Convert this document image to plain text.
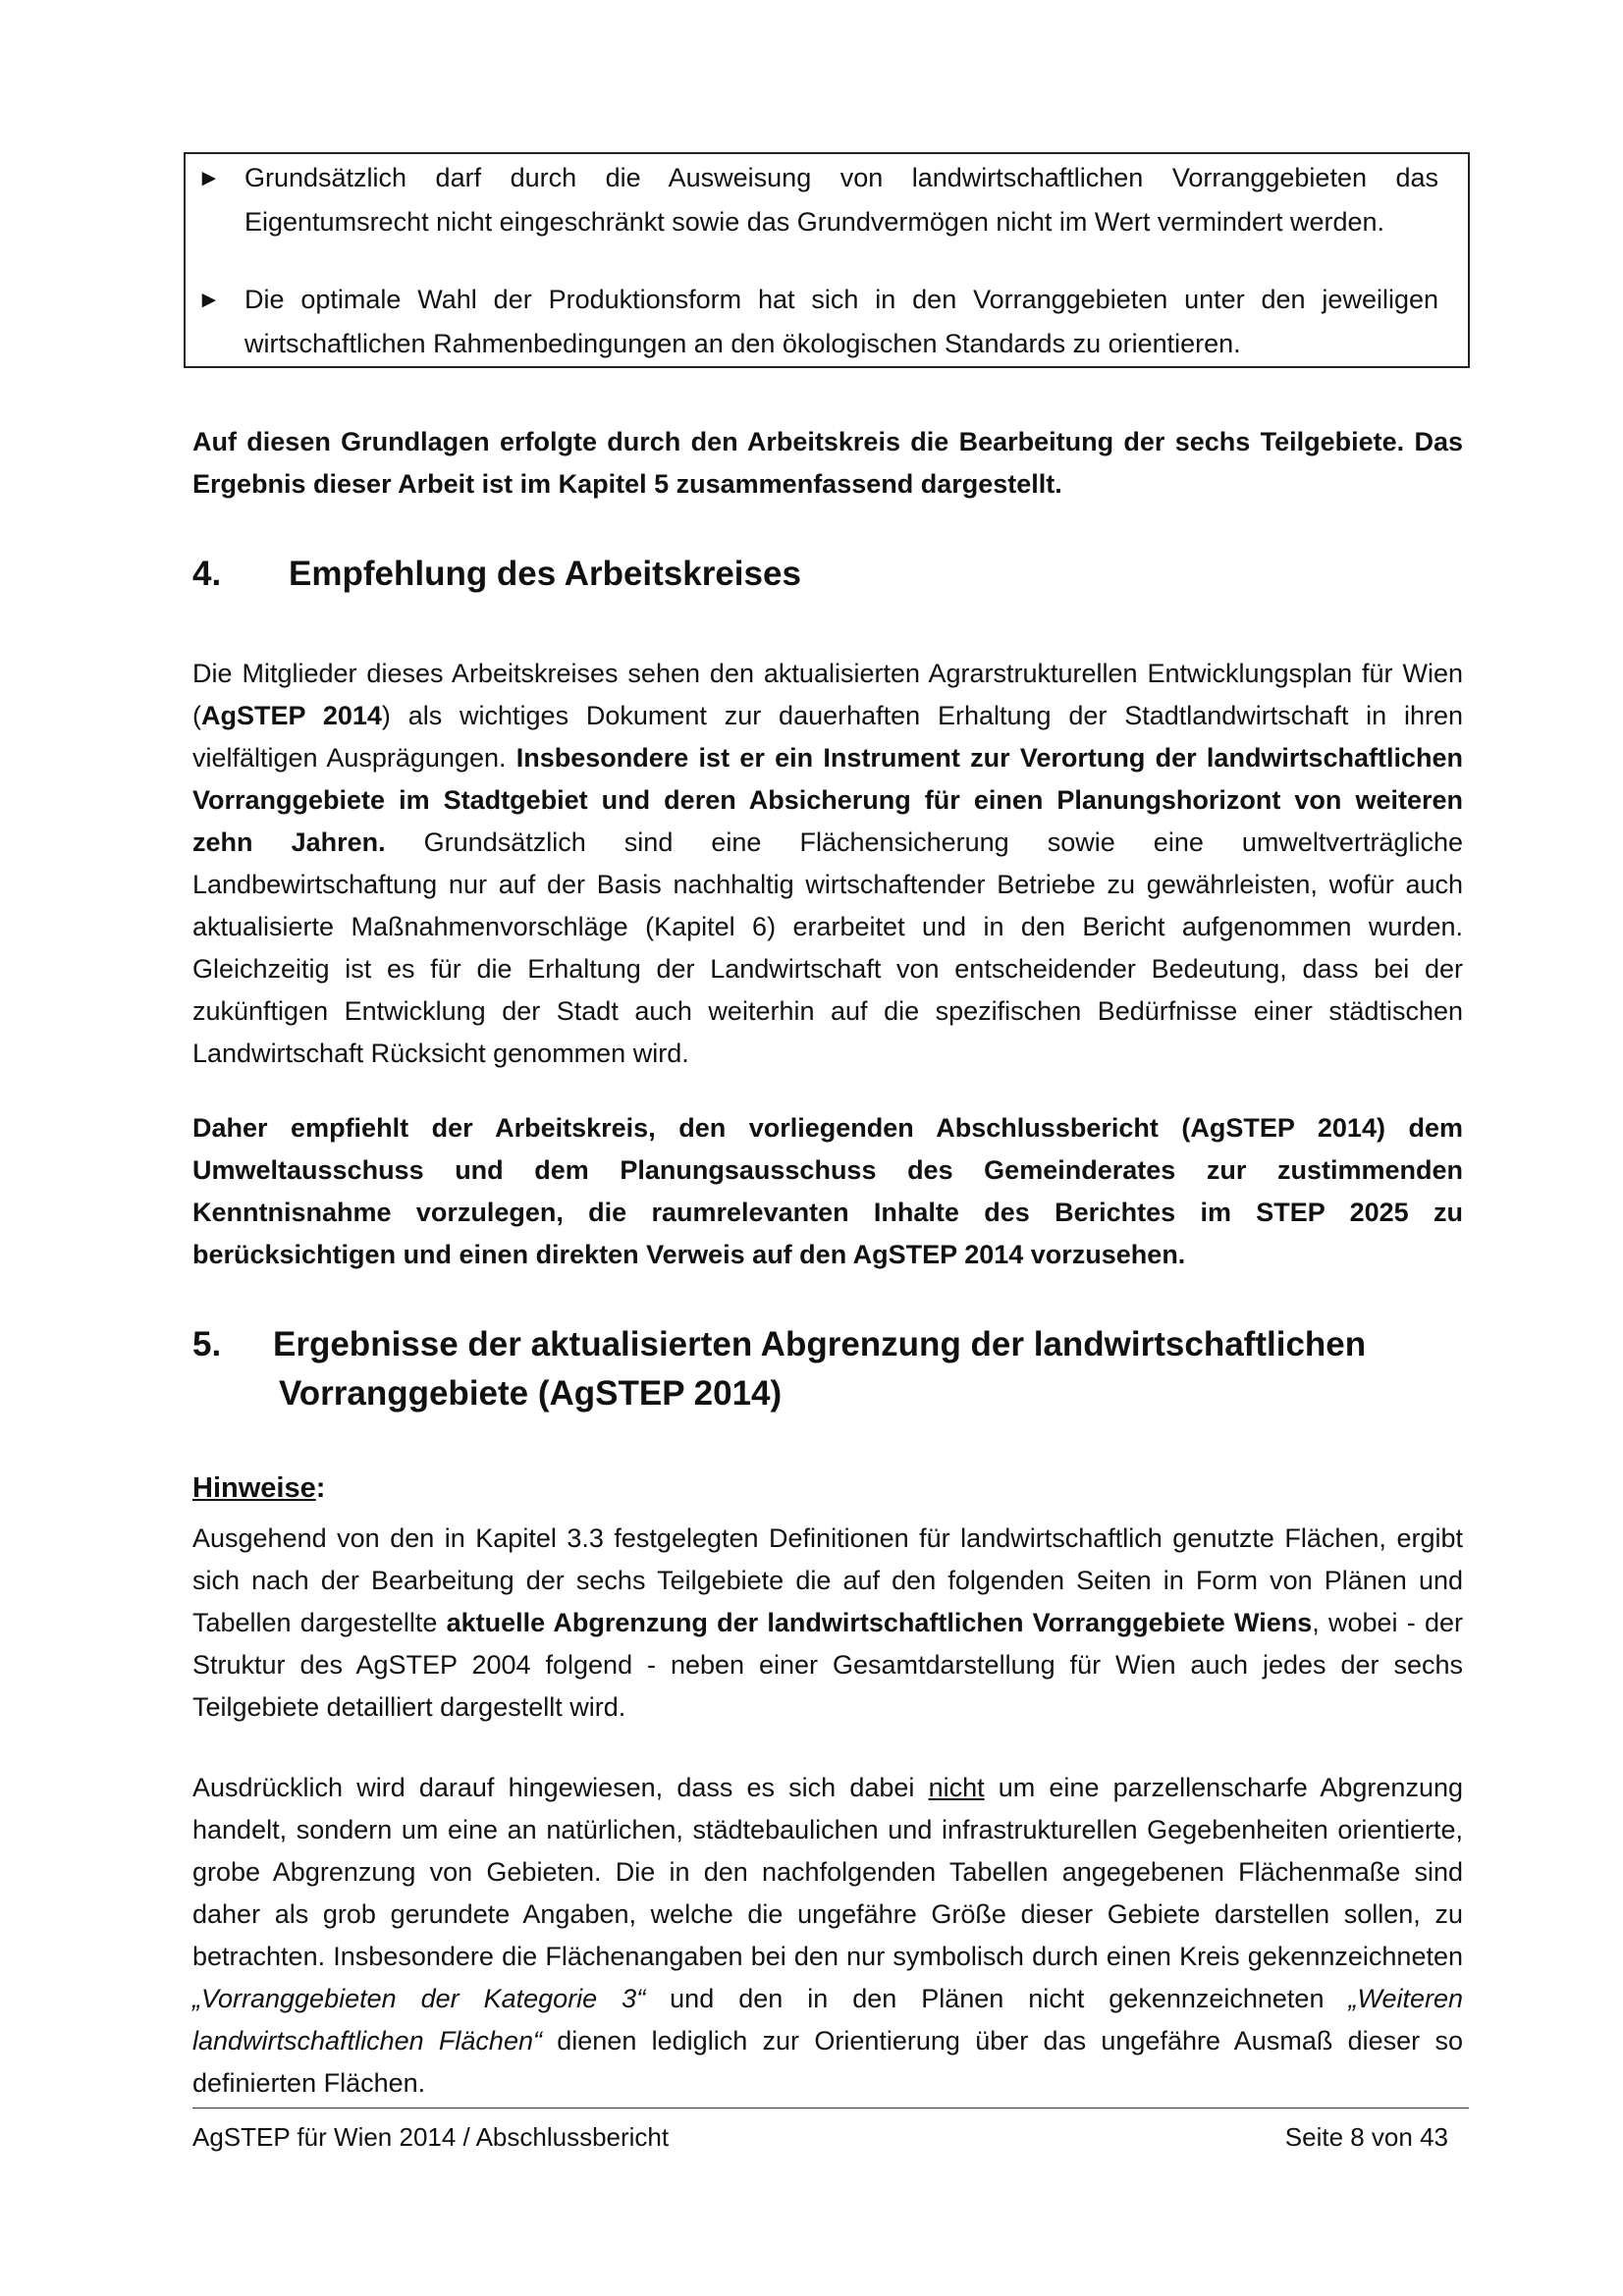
► Grundsätzlich darf durch die Ausweisung von landwirtschaftlichen Vorranggebieten das Eigentumsrecht nicht eingeschränkt sowie das Grundvermögen nicht im Wert vermindert werden.
► Die optimale Wahl der Produktionsform hat sich in den Vorranggebieten unter den jeweiligen wirtschaftlichen Rahmenbedingungen an den ökologischen Standards zu orientieren.

Auf diesen Grundlagen erfolgte durch den Arbeitskreis die Bearbeitung der sechs Teilgebiete. Das Ergebnis dieser Arbeit ist im Kapitel 5 zusammenfassend dargestellt.

4. Empfehlung des Arbeitskreises

Die Mitglieder dieses Arbeitskreises sehen den aktualisierten Agrarstrukturellen Entwicklungsplan für Wien (AgSTEP 2014) als wichtiges Dokument zur dauerhaften Erhaltung der Stadtlandwirtschaft in ihren vielfältigen Ausprägungen. Insbesondere ist er ein Instrument zur Verortung der landwirtschaftlichen Vorranggebiete im Stadtgebiet und deren Absicherung für einen Planungshorizont von weiteren zehn Jahren. Grundsätzlich sind eine Flächensicherung sowie eine umweltverträgliche Landbewirtschaftung nur auf der Basis nachhaltig wirtschaftender Betriebe zu gewährleisten, wofür auch aktualisierte Maßnahmenvorschläge (Kapitel 6) erarbeitet und in den Bericht aufgenommen wurden. Gleichzeitig ist es für die Erhaltung der Landwirtschaft von entscheidender Bedeutung, dass bei der zukünftigen Entwicklung der Stadt auch weiterhin auf die spezifischen Bedürfnisse einer städtischen Landwirtschaft Rücksicht genommen wird.

Daher empfiehlt der Arbeitskreis, den vorliegenden Abschlussbericht (AgSTEP 2014) dem Umweltausschuss und dem Planungsausschuss des Gemeinderates zur zustimmenden Kenntnisnahme vorzulegen, die raumrelevanten Inhalte des Berichtes im STEP 2025 zu berücksichtigen und einen direkten Verweis auf den AgSTEP 2014 vorzusehen.

5. Ergebnisse der aktualisierten Abgrenzung der landwirtschaftlichen
Vorranggebiete (AgSTEP 2014)

Hinweise:

Ausgehend von den in Kapitel 3.3 festgelegten Definitionen für landwirtschaftlich genutzte Flächen, ergibt sich nach der Bearbeitung der sechs Teilgebiete die auf den folgenden Seiten in Form von Plänen und Tabellen dargestellte aktuelle Abgrenzung der landwirtschaftlichen Vorranggebiete Wiens, wobei - der Struktur des AgSTEP 2004 folgend - neben einer Gesamtdarstellung für Wien auch jedes der sechs Teilgebiete detailliert dargestellt wird.

Ausdrücklich wird darauf hingewiesen, dass es sich dabei nicht um eine parzellenscharfe Abgrenzung handelt, sondern um eine an natürlichen, städtebaulichen und infrastrukturellen Gegebenheiten orientierte, grobe Abgrenzung von Gebieten. Die in den nachfolgenden Tabellen angegebenen Flächenmaße sind daher als grob gerundete Angaben, welche die ungefähre Größe dieser Gebiete darstellen sollen, zu betrachten. Insbesondere die Flächenangaben bei den nur symbolisch durch einen Kreis gekennzeichneten „Vorranggebieten der Kategorie 3“ und den in den Plänen nicht gekennzeichneten „Weiteren landwirtschaftlichen Flächen“ dienen lediglich zur Orientierung über das ungefähre Ausmaß dieser so definierten Flächen.

AgSTEP für Wien 2014 / Abschlussbericht	Seite 8 von 43
